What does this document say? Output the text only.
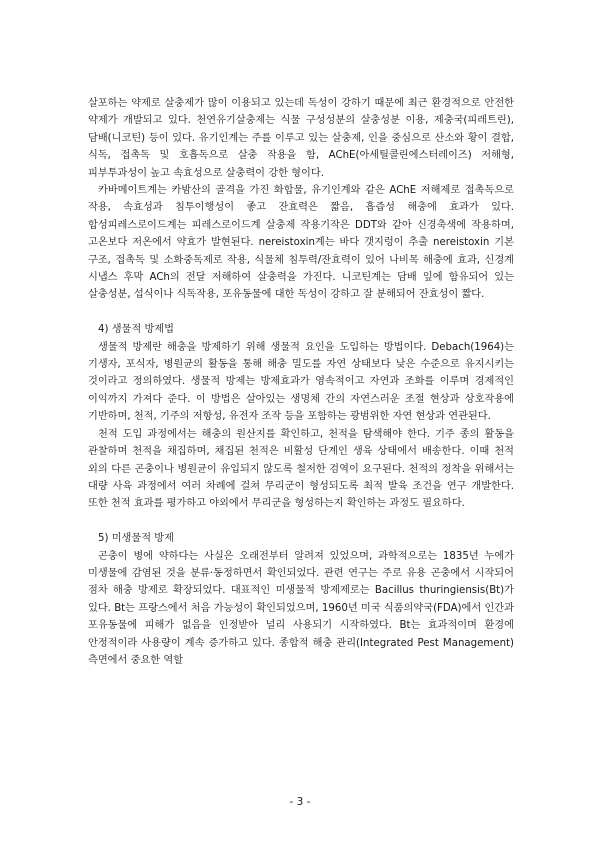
살포하는 약제로 살충제가 많이 이용되고 있는데 독성이 강하기 때문에 최근 환경적으로 안전한 약제가 개발되고 있다. 천연유기살충제는 식물 구성성분의 살충성분 이용, 제충국(피레트린), 담배(니코틴) 등이 있다. 유기인계는 주를 이루고 있는 살충제, 인을 중심으로 산소와 황이 결합, 식독, 접촉독 및 호흡독으로 살충 작용을 함, AChE(아세틸콜린에스터레이즈) 저해형, 피부투과성이 높고 속효성으로 살충력이 강한 형이다.

카바메이트계는 카밤산의 골격을 가진 화합물, 유기인계와 같은 AChE 저해제로 접촉독으로 작용, 속효성과 침투이행성이 좋고 잔효력은 짧음, 흡즙성 해충에 효과가 있다. 합성피레스로이드계는 피레스로이드계 살충제 작용기작은 DDT와 같아 신경축색에 작용하며, 고온보다 저온에서 약효가 발현된다. nereistoxin계는 바다 갯지렁이 추출 nereistoxin 기본 구조, 접촉독 및 소화중독제로 작용, 식물체 침투력/잔효력이 있어 나비목 해충에 효과, 신경계 시냅스 후막 ACh의 전달 저해하여 살충력을 가진다. 니코틴계는 담배 잎에 함유되어 있는 살충성분, 섭식이나 식독작용, 포유동물에 대한 독성이 강하고 잘 분해되어 잔효성이 짧다.

4) 생물적 방제법

생물적 방제란 해충을 방제하기 위해 생물적 요인을 도입하는 방법이다. Debach(1964)는 기생자, 포식자, 병원균의 활동을 통해 해충 밀도를 자연 상태보다 낮은 수준으로 유지시키는 것이라고 정의하였다. 생물적 방제는 방제효과가 영속적이고 자연과 조화를 이루며 경제적인 이익까지 가져다 준다. 이 방법은 살아있는 생명체 간의 자연스러운 조절 현상과 상호작용에 기반하며, 천적, 기주의 저항성, 유전자 조작 등을 포함하는 광범위한 자연 현상과 연관된다.

천적 도입 과정에서는 해충의 원산지를 확인하고, 천적을 탐색해야 한다. 기주 종의 활동을 관찰하며 천적을 채집하며, 채집된 천적은 비활성 단계인 생육 상태에서 배송한다. 이때 천적 외의 다른 곤충이나 병원균이 유입되지 않도록 철저한 검역이 요구된다. 천적의 정착을 위해서는 대량 사육 과정에서 여러 차례에 걸쳐 무리군이 형성되도록 최적 발육 조건을 연구 개발한다. 또한 천적 효과를 평가하고 야외에서 무리군을 형성하는지 확인하는 과정도 필요하다.

5) 미생물적 방제

곤충이 병에 약하다는 사실은 오래전부터 알려져 있었으며, 과학적으로는 1835년 누에가 미생물에 감염된 것을 분류·동정하면서 확인되었다. 관련 연구는 주로 유용 곤충에서 시작되어 점차 해충 방제로 확장되었다. 대표적인 미생물적 방제제로는 Bacillus thuringiensis(Bt)가 있다. Bt는 프랑스에서 처음 가능성이 확인되었으며, 1960년 미국 식품의약국(FDA)에서 인간과 포유동물에 피해가 없음을 인정받아 널리 사용되기 시작하였다. Bt는 효과적이며 환경에 안정적이라 사용량이 계속 증가하고 있다. 종합적 해충 관리(Integrated Pest Management) 측면에서 중요한 역할

- 3 -
